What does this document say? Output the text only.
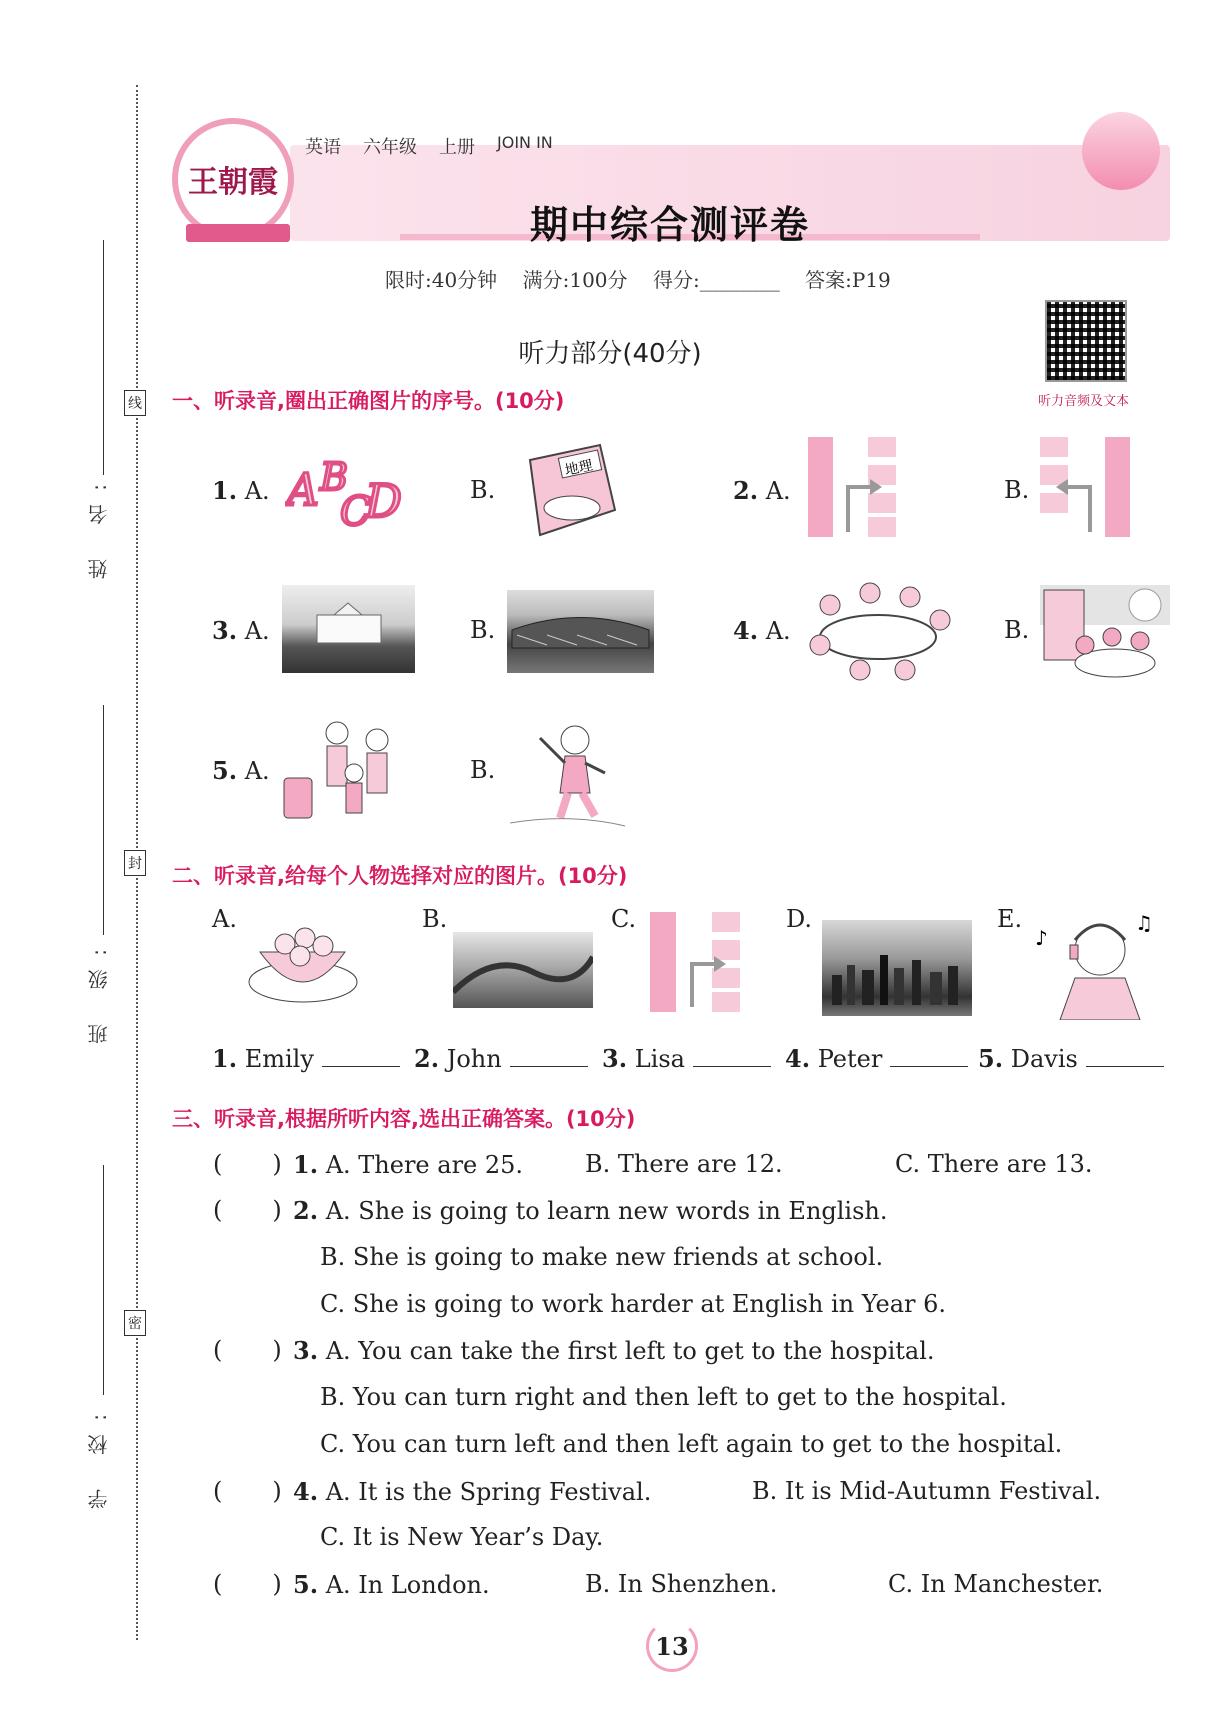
线
封
密
姓 名:
班 级:
学 校:
王朝霞
英语 六年级 上册 JOIN IN
期中综合测评卷
限时:40分钟    满分:100分    得分:________    答案:P19
听力音频及文本
听力部分(40分)
一、听录音,圈出正确图片的序号。(10分)
1. A. A B
C
D	B.
地理
2. A.	B.
3. A.	B.	4. A.	B.
5. A.	B.
二、听录音,给每个人物选择对应的图片。(10分)
A.	B.	C.	D.	E.
♪
♫
1. Emily	2. John	3. Lisa	4. Peter	5. Davis
三、听录音,根据所听内容,选出正确答案。(10分)
( ) 1. A. There are 25.	B. There are 12.	C. There are 13.
( ) 2. A. She is going to learn new words in English.
B. She is going to make new friends at school.
C. She is going to work harder at English in Year 6.
( ) 3. A. You can take the first left to get to the hospital.
B. You can turn right and then left to get to the hospital.
C. You can turn left and then left again to get to the hospital.
( ) 4. A. It is the Spring Festival.	B. It is Mid-Autumn Festival.
C. It is New Year’s Day.
( ) 5. A. In London.	B. In Shenzhen.	C. In Manchester.
13
